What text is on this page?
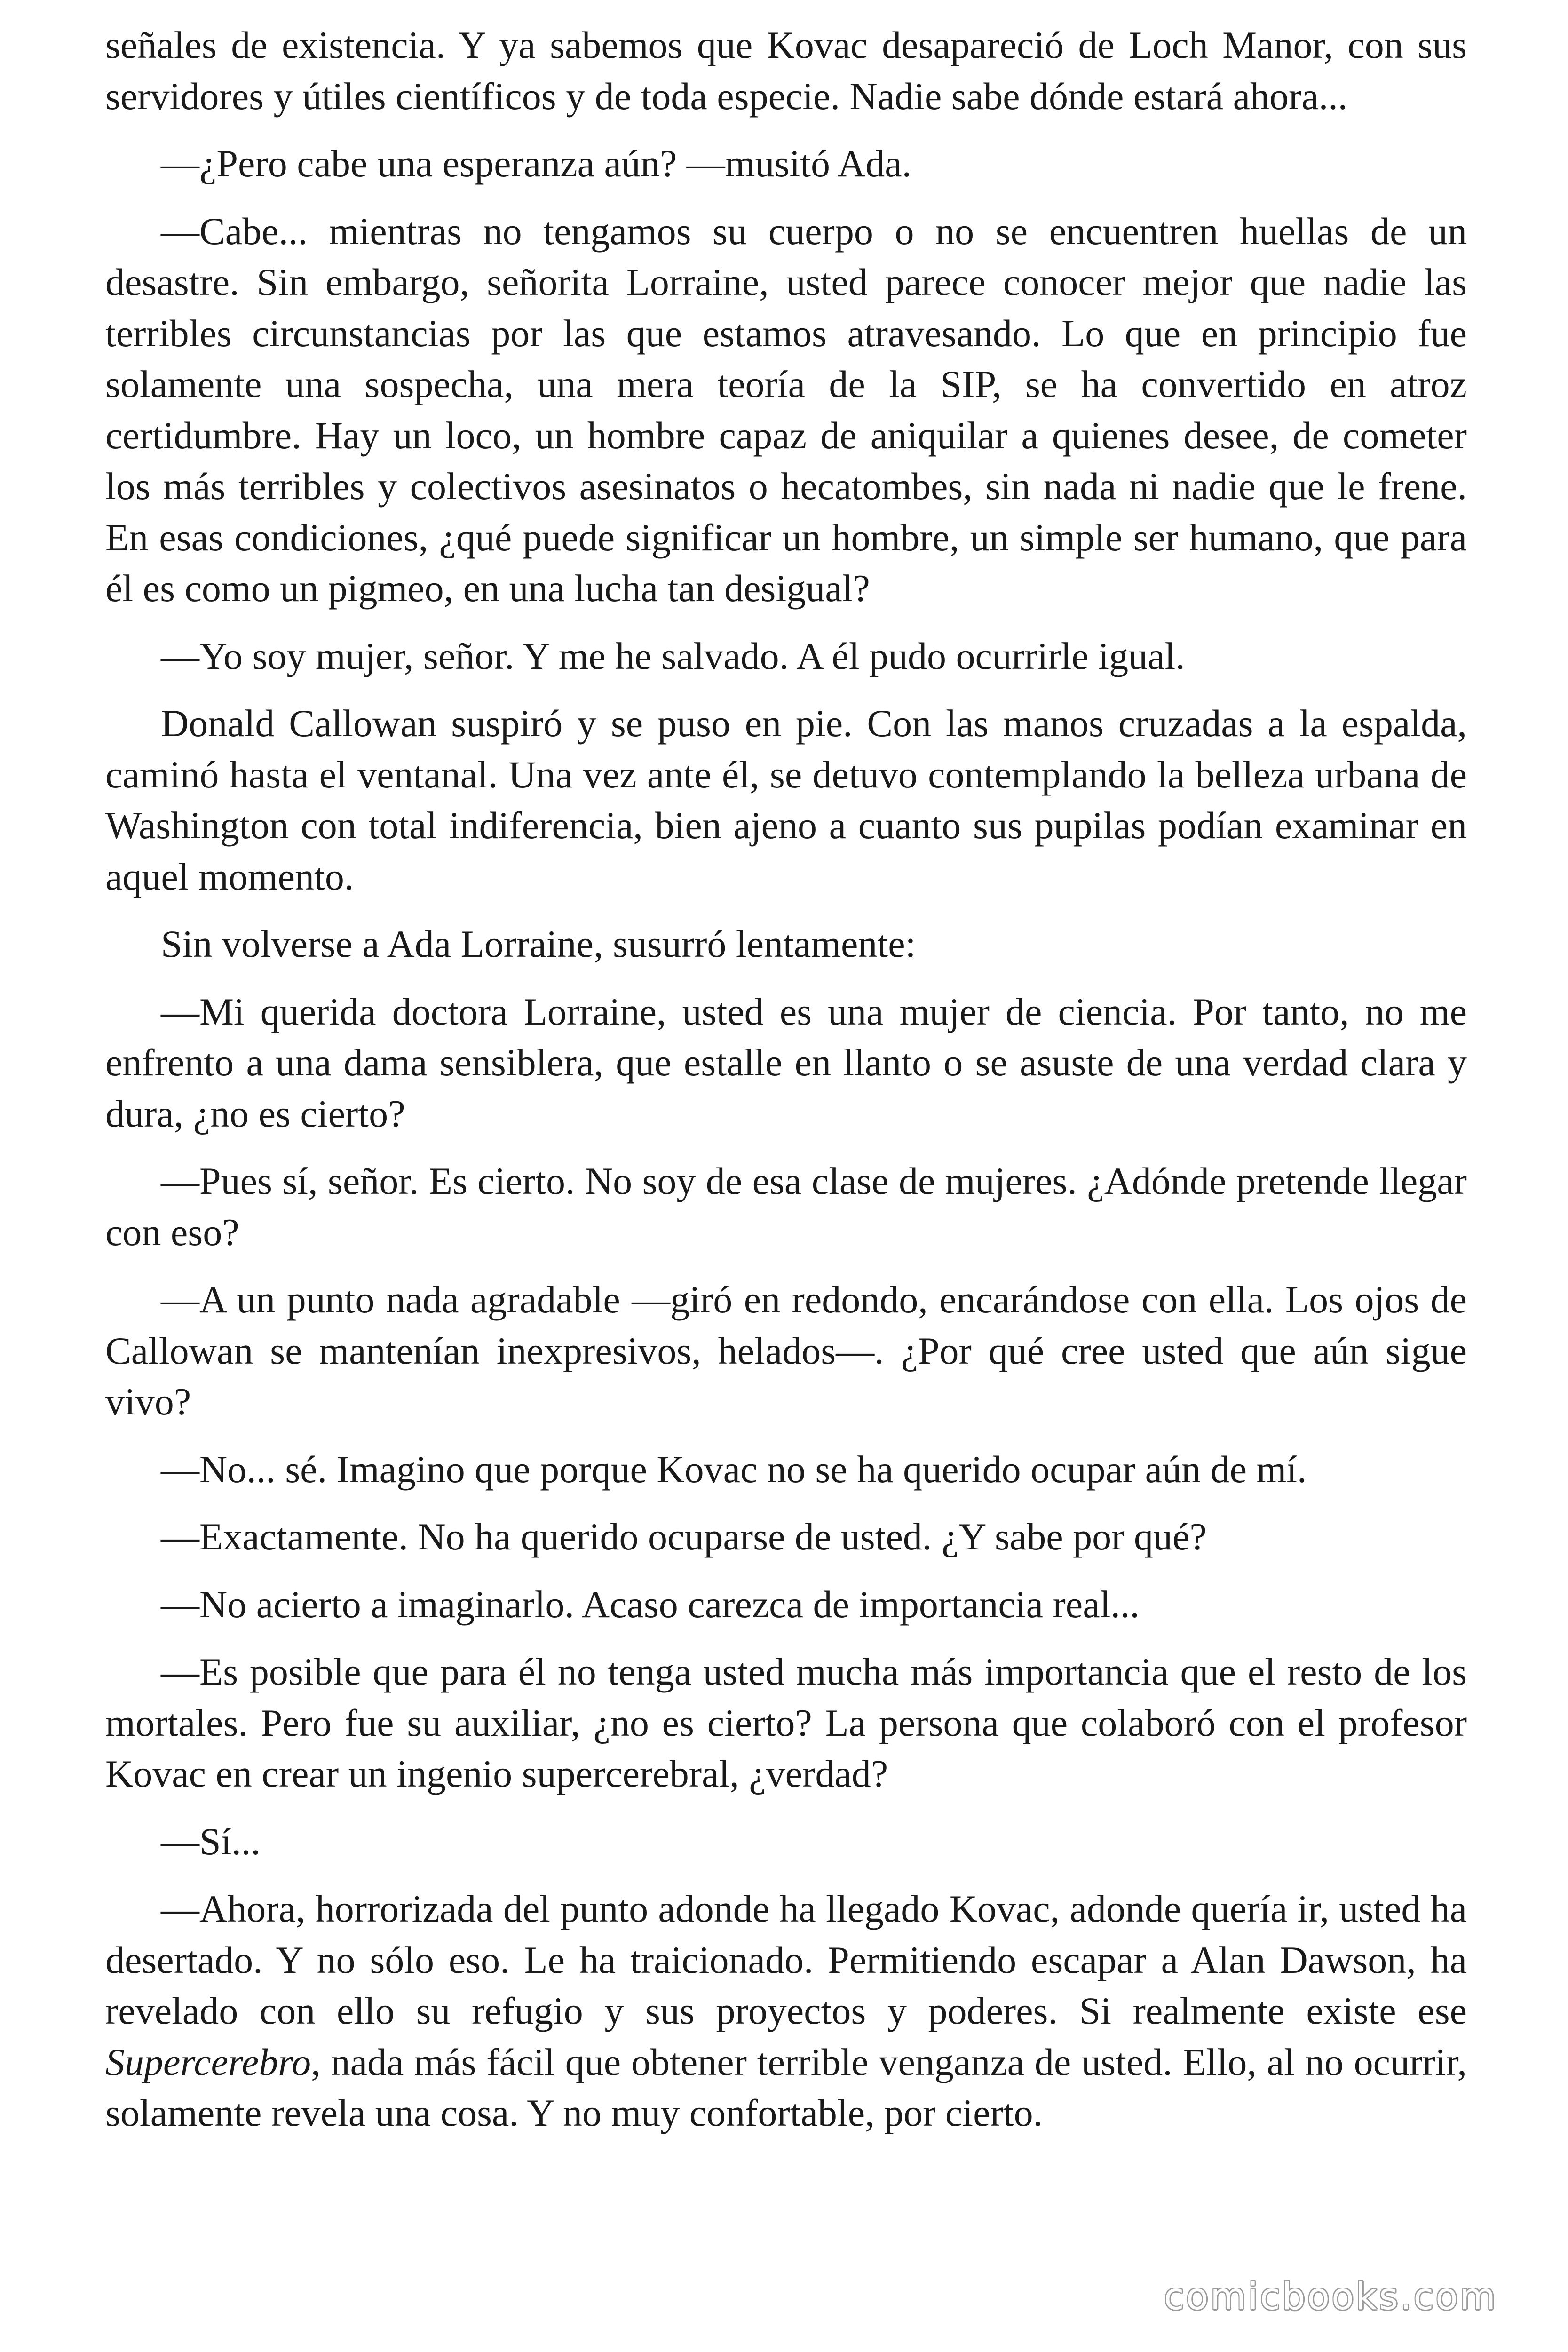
señales de existencia. Y ya sabemos que Kovac desapareció de Loch Manor, con sus servidores y útiles científicos y de toda especie. Nadie sabe dónde estará ahora...

—¿Pero cabe una esperanza aún? —musitó Ada.

—Cabe... mientras no tengamos su cuerpo o no se encuentren huellas de un desastre. Sin embargo, señorita Lorraine, usted parece conocer mejor que nadie las terribles circunstancias por las que estamos atravesando. Lo que en principio fue solamente una sospecha, una mera teoría de la SIP, se ha convertido en atroz certidumbre. Hay un loco, un hombre capaz de aniquilar a quienes desee, de cometer los más terribles y colectivos asesinatos o hecatombes, sin nada ni nadie que le frene. En esas condiciones, ¿qué puede significar un hombre, un simple ser humano, que para él es como un pigmeo, en una lucha tan desigual?

—Yo soy mujer, señor. Y me he salvado. A él pudo ocurrirle igual.

Donald Callowan suspiró y se puso en pie. Con las manos cruzadas a la espalda, caminó hasta el ventanal. Una vez ante él, se detuvo contemplando la belleza urbana de Washington con total indiferencia, bien ajeno a cuanto sus pupilas podían examinar en aquel momento.

Sin volverse a Ada Lorraine, susurró lentamente:

—Mi querida doctora Lorraine, usted es una mujer de ciencia. Por tanto, no me enfrento a una dama sensiblera, que estalle en llanto o se asuste de una verdad clara y dura, ¿no es cierto?

—Pues sí, señor. Es cierto. No soy de esa clase de mujeres. ¿Adónde pretende llegar con eso?

—A un punto nada agradable —giró en redondo, encarándose con ella. Los ojos de Callowan se mantenían inexpresivos, helados—. ¿Por qué cree usted que aún sigue vivo?

—No... sé. Imagino que porque Kovac no se ha querido ocupar aún de mí.

—Exactamente. No ha querido ocuparse de usted. ¿Y sabe por qué?

—No acierto a imaginarlo. Acaso carezca de importancia real...

—Es posible que para él no tenga usted mucha más importancia que el resto de los mortales. Pero fue su auxiliar, ¿no es cierto? La persona que colaboró con el profesor Kovac en crear un ingenio supercerebral, ¿verdad?

—Sí...

—Ahora, horrorizada del punto adonde ha llegado Kovac, adonde quería ir, usted ha desertado. Y no sólo eso. Le ha traicionado. Permitiendo escapar a Alan Dawson, ha revelado con ello su refugio y sus proyectos y poderes. Si realmente existe ese Supercerebro, nada más fácil que obtener terrible venganza de usted. Ello, al no ocurrir, solamente revela una cosa. Y no muy confortable, por cierto.

comicbooks.com
